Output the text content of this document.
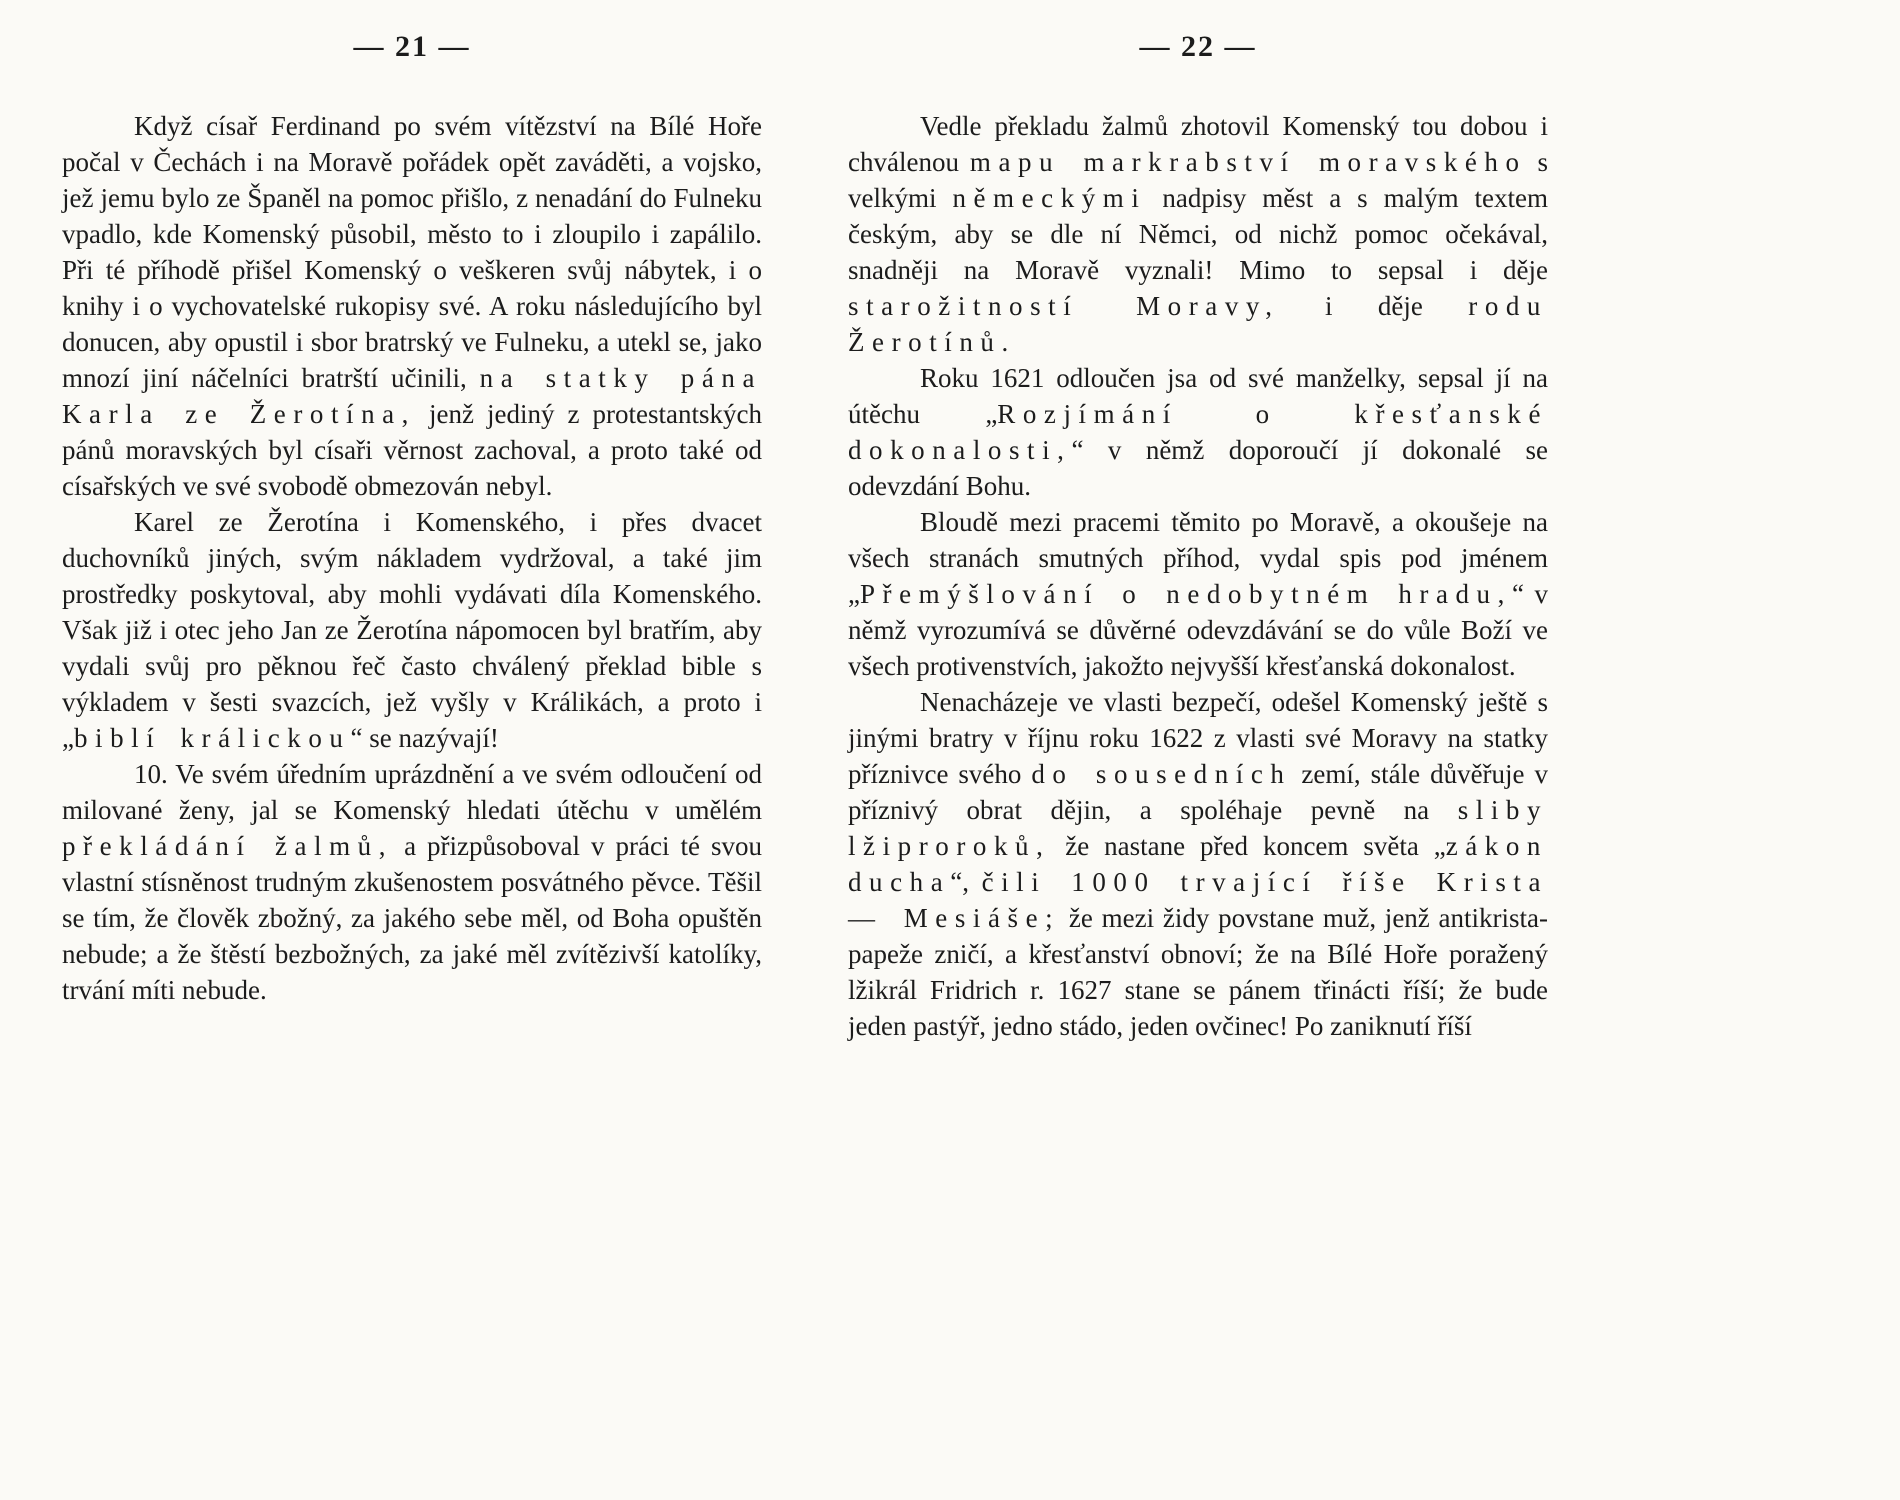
— 21 —

Když císař Ferdinand po svém vítězství na Bílé Hoře počal v Čechách i na Moravě pořádek opět zaváděti, a vojsko, jež jemu bylo ze Španěl na pomoc přišlo, z nenadání do Fulneku vpadlo, kde Komenský působil, město to i zloupilo i zapálilo. Při té příhodě přišel Komenský o veškeren svůj nábytek, i o knihy i o vychovatelské rukopisy své. A roku následujícího byl donucen, aby opustil i sbor bratrský ve Fulneku, a utekl se, jako mnozí jiní náčelníci bratrští učinili, na statky pána Karla ze Žerotína, jenž jediný z protestantských pánů moravských byl císaři věrnost zachoval, a proto také od císařských ve své svobodě obmezován nebyl.

Karel ze Žerotína i Komenského, i přes dvacet duchovníků jiných, svým nákladem vydržoval, a také jim prostředky poskytoval, aby mohli vydávati díla Komenského. Však již i otec jeho Jan ze Žerotína nápomocen byl bratřím, aby vydali svůj pro pěknou řeč často chválený překlad bible s výkladem v šesti svazcích, jež vyšly v Králikách, a proto i „biblí králickou“ se nazývají!

10. Ve svém úředním uprázdnění a ve svém odloučení od milované ženy, jal se Komenský hledati útěchu v umělém překládání žalmů, a přizpůsoboval v práci té svou vlastní stísněnost trudným zkušenostem posvátného pěvce. Těšil se tím, že člověk zbožný, za jakého sebe měl, od Boha opuštěn nebude; a že štěstí bezbožných, za jaké měl zvítězivší katolíky, trvání míti nebude.

— 22 —

Vedle překladu žalmů zhotovil Komenský tou dobou i chválenou mapu markrabství moravského s velkými německými nadpisy měst a s malým textem českým, aby se dle ní Němci, od nichž pomoc očekával, snadněji na Moravě vyznali! Mimo to sepsal i děje starožitností Moravy, i děje rodu Žerotínů.

Roku 1621 odloučen jsa od své manželky, sepsal jí na útěchu „Rozjímání o křesťanské dokonalosti,“ v němž doporoučí jí dokonalé se odevzdání Bohu.

Bloudě mezi pracemi těmito po Moravě, a okoušeje na všech stranách smutných příhod, vydal spis pod jménem „Přemýšlování o nedobytném hradu,“ v němž vyrozumívá se důvěrné odevzdávání se do vůle Boží ve všech protivenstvích, jakožto nejvyšší křesťanská dokonalost.

Nenacházeje ve vlasti bezpečí, odešel Komenský ještě s jinými bratry v říjnu roku 1622 z vlasti své Moravy na statky příznivce svého do sousedních zemí, stále důvěřuje v příznivý obrat dějin, a spoléhaje pevně na sliby lžiproroků, že nastane před koncem světa „zákon ducha“, čili 1000 trvající říše Krista — Mesiáše; že mezi židy povstane muž, jenž antikrista-papeže zničí, a křesťanství obnoví; že na Bílé Hoře poražený lžikrál Fridrich r. 1627 stane se pánem třinácti říší; že bude jeden pastýř, jedno stádo, jeden ovčinec! Po zaniknutí říší
